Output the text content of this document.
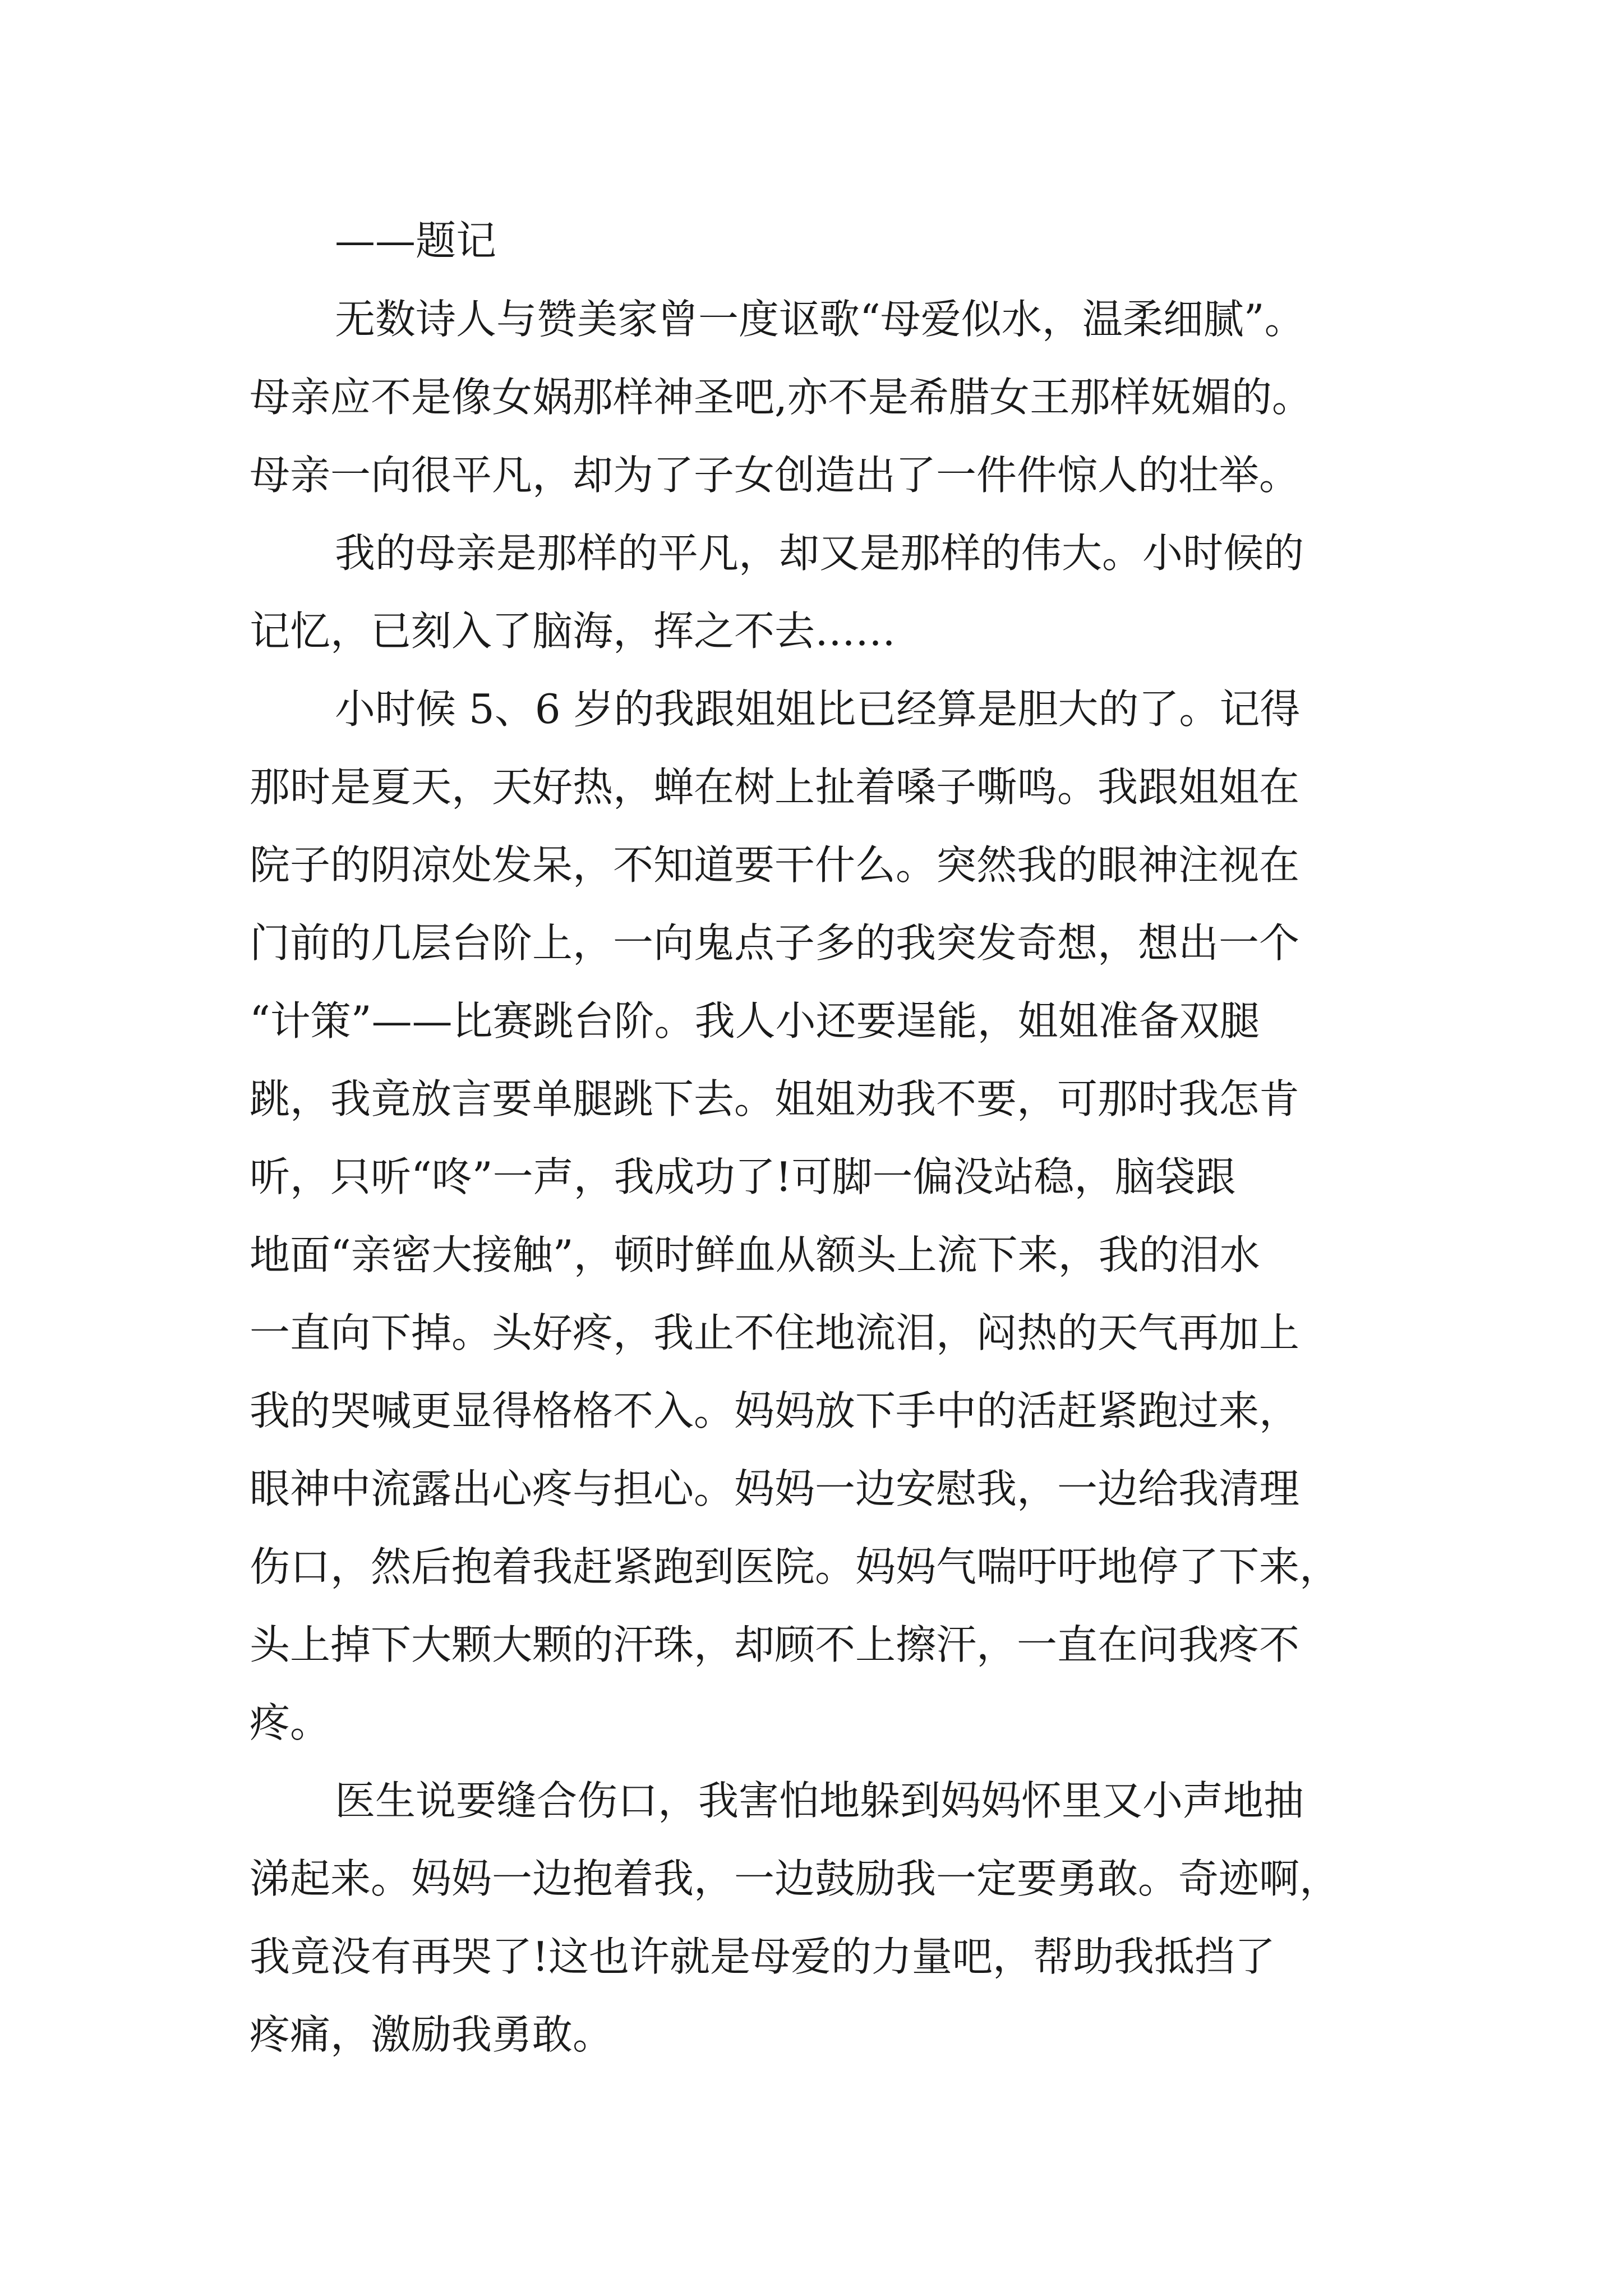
——题记

无数诗人与赞美家曾一度讴歌“母爱似水，温柔细腻”。

母亲应不是像女娲那样神圣吧,亦不是希腊女王那样妩媚的。

母亲一向很平凡，却为了子女创造出了一件件惊人的壮举。

我的母亲是那样的平凡，却又是那样的伟大。小时候的

记忆，已刻入了脑海，挥之不去……

小时候 5、6 岁的我跟姐姐比已经算是胆大的了。记得

那时是夏天，天好热，蝉在树上扯着嗓子嘶鸣。我跟姐姐在

院子的阴凉处发呆，不知道要干什么。突然我的眼神注视在

门前的几层台阶上，一向鬼点子多的我突发奇想，想出一个

“计策”——比赛跳台阶。我人小还要逞能，姐姐准备双腿

跳，我竟放言要单腿跳下去。姐姐劝我不要，可那时我怎肯

听，只听“咚”一声，我成功了!可脚一偏没站稳，脑袋跟

地面“亲密大接触”，顿时鲜血从额头上流下来，我的泪水

一直向下掉。头好疼，我止不住地流泪，闷热的天气再加上

我的哭喊更显得格格不入。妈妈放下手中的活赶紧跑过来，

眼神中流露出心疼与担心。妈妈一边安慰我，一边给我清理

伤口，然后抱着我赶紧跑到医院。妈妈气喘吁吁地停了下来，

头上掉下大颗大颗的汗珠，却顾不上擦汗，一直在问我疼不

疼。

医生说要缝合伤口，我害怕地躲到妈妈怀里又小声地抽

涕起来。妈妈一边抱着我，一边鼓励我一定要勇敢。奇迹啊，

我竟没有再哭了!这也许就是母爱的力量吧，帮助我抵挡了

疼痛，激励我勇敢。
